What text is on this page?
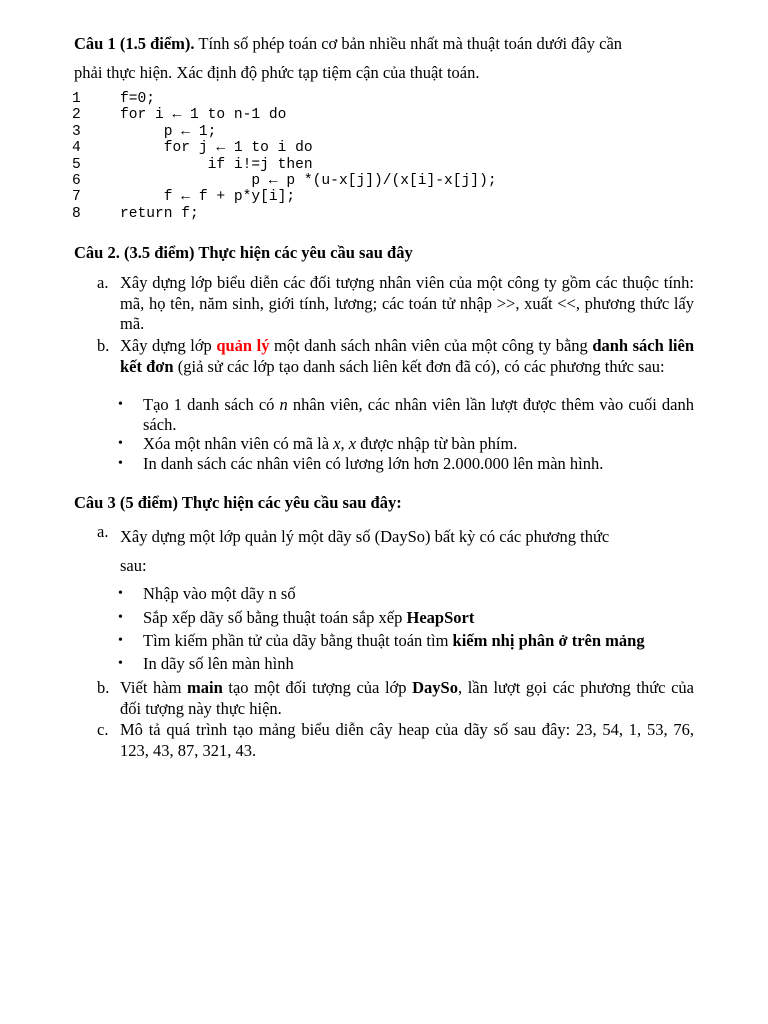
Câu 1 (1.5 điểm). Tính số phép toán cơ bản nhiều nhất mà thuật toán dưới đây cần
phải thực hiện. Xác định độ phức tạp tiệm cận của thuật toán.
1	f=0;
2	for i ← 1 to n-1 do
3	p ← 1;
4	for j ← 1 to i do
5	if i!=j then
6	p ← p *(u-x[j])/(x[i]-x[j]);
7	f ← f + p*y[i];
8	return f;
Câu 2. (3.5 điểm) Thực hiện các yêu cầu sau đây
a. Xây dựng lớp biểu diễn các đối tượng nhân viên của một công ty gồm các thuộc tính: mã, họ tên, năm sinh, giới tính, lương; các toán tử nhập >>, xuất <<, phương thức lấy mã.
b. Xây dựng lớp quản lý một danh sách nhân viên của một công ty bằng danh sách liên kết đơn (giả sử các lớp tạo danh sách liên kết đơn đã có), có các phương thức sau:
• Tạo 1 danh sách có n nhân viên, các nhân viên lần lượt được thêm vào cuối danh sách.
• Xóa một nhân viên có mã là x, x được nhập từ bàn phím.
• In danh sách các nhân viên có lương lớn hơn 2.000.000 lên màn hình.
Câu 3 (5 điểm) Thực hiện các yêu cầu sau đây:
a. Xây dựng một lớp quản lý một dãy số (DaySo) bất kỳ có các phương thức
sau:
• Nhập vào một dãy n số
• Sắp xếp dãy số bằng thuật toán sắp xếp HeapSort
• Tìm kiếm phần tử của dãy bằng thuật toán tìm kiếm nhị phân ở trên mảng
• In dãy số lên màn hình
b. Viết hàm main tạo một đối tượng của lớp DaySo, lần lượt gọi các phương thức của đối tượng này thực hiện.
c. Mô tả quá trình tạo mảng biểu diễn cây heap của dãy số sau đây: 23, 54, 1, 53, 76, 123, 43, 87, 321, 43.
